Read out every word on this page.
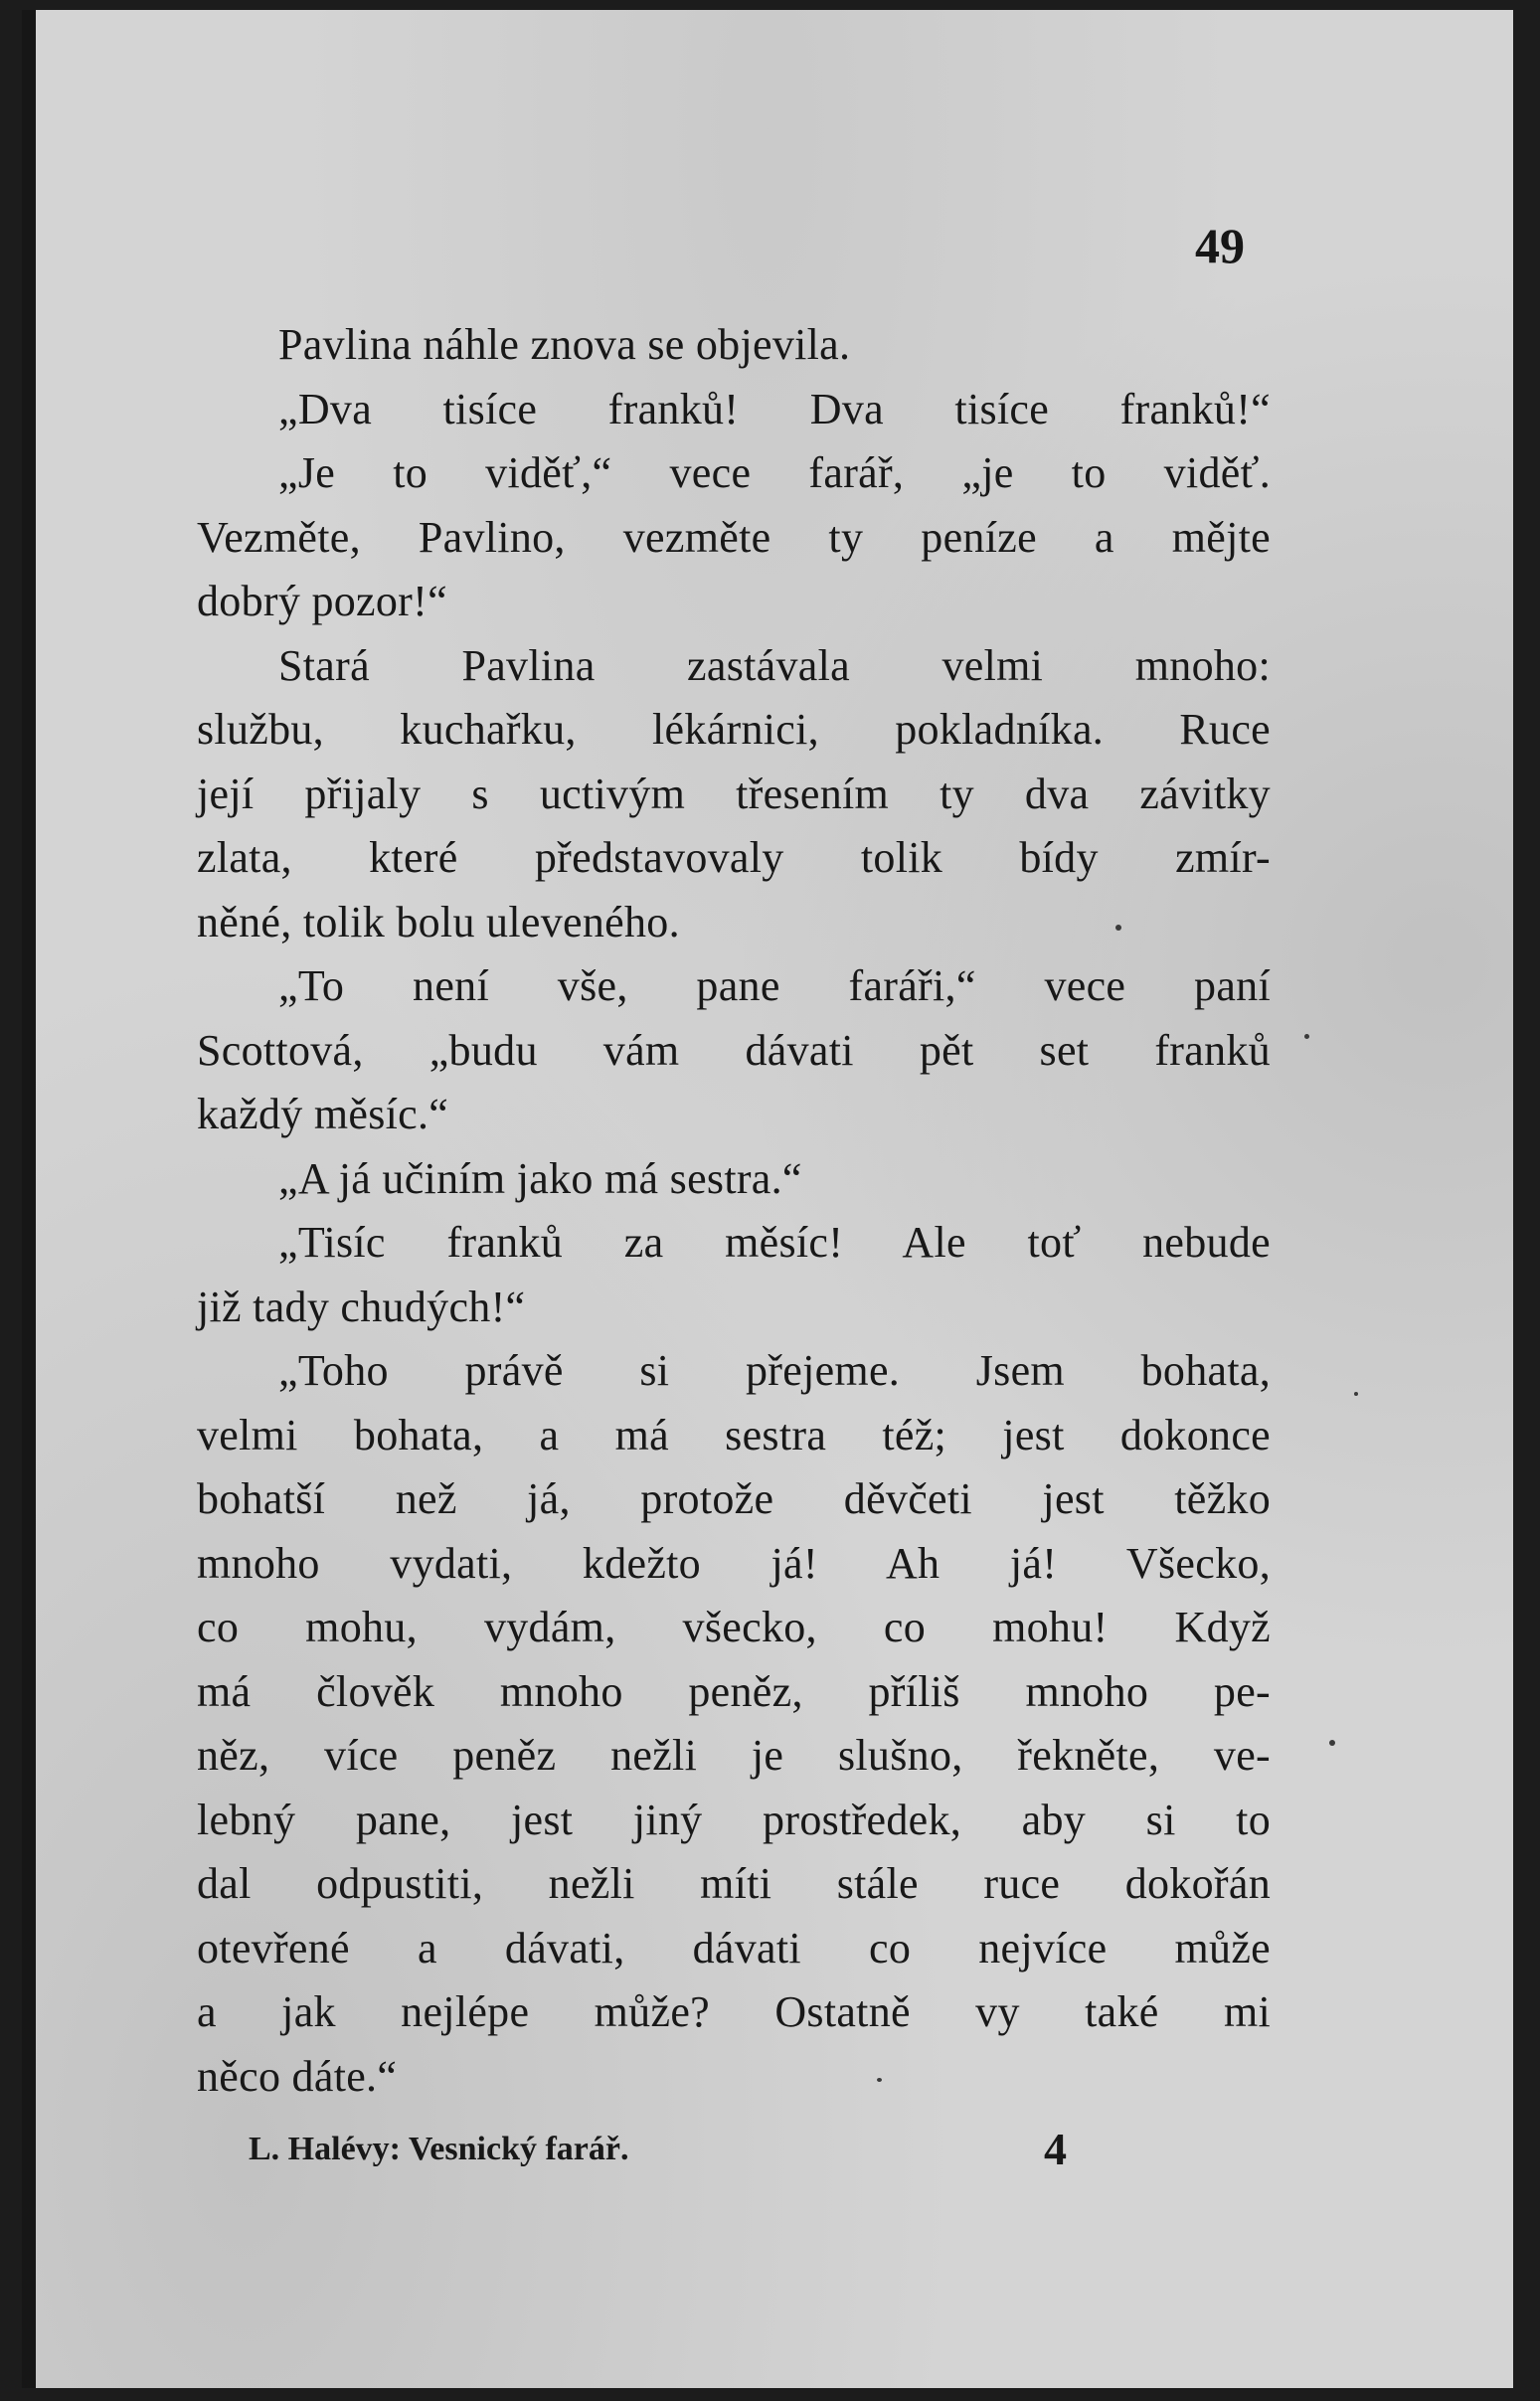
49
Pavlina náhle znova se objevila.
„Dva tisíce franků! Dva tisíce franků!“
„Je to viděť,“ vece farář, „je to viděť.
Vezměte, Pavlino, vezměte ty peníze a mějte
dobrý pozor!“
Stará Pavlina zastávala velmi mnoho:
službu, kuchařku, lékárnici, pokladníka. Ruce
její přijaly s uctivým třesením ty dva závitky
zlata, které představovaly tolik bídy zmír-
něné, tolik bolu uleveného.
„To není vše, pane faráři,“ vece paní
Scottová, „budu vám dávati pět set franků
každý měsíc.“
„A já učiním jako má sestra.“
„Tisíc franků za měsíc! Ale toť nebude
již tady chudých!“
„Toho právě si přejeme. Jsem bohata,
velmi bohata, a má sestra též; jest dokonce
bohatší než já, protože děvčeti jest těžko
mnoho vydati, kdežto já! Ah já! Všecko,
co mohu, vydám, všecko, co mohu! Když
má člověk mnoho peněz, příliš mnoho pe-
něz, více peněz nežli je slušno, řekněte, ve-
lebný pane, jest jiný prostředek, aby si to
dal odpustiti, nežli míti stále ruce dokořán
otevřené a dávati, dávati co nejvíce může
a jak nejlépe může? Ostatně vy také mi
něco dáte.“
L. Halévy: Vesnický farář.	4
